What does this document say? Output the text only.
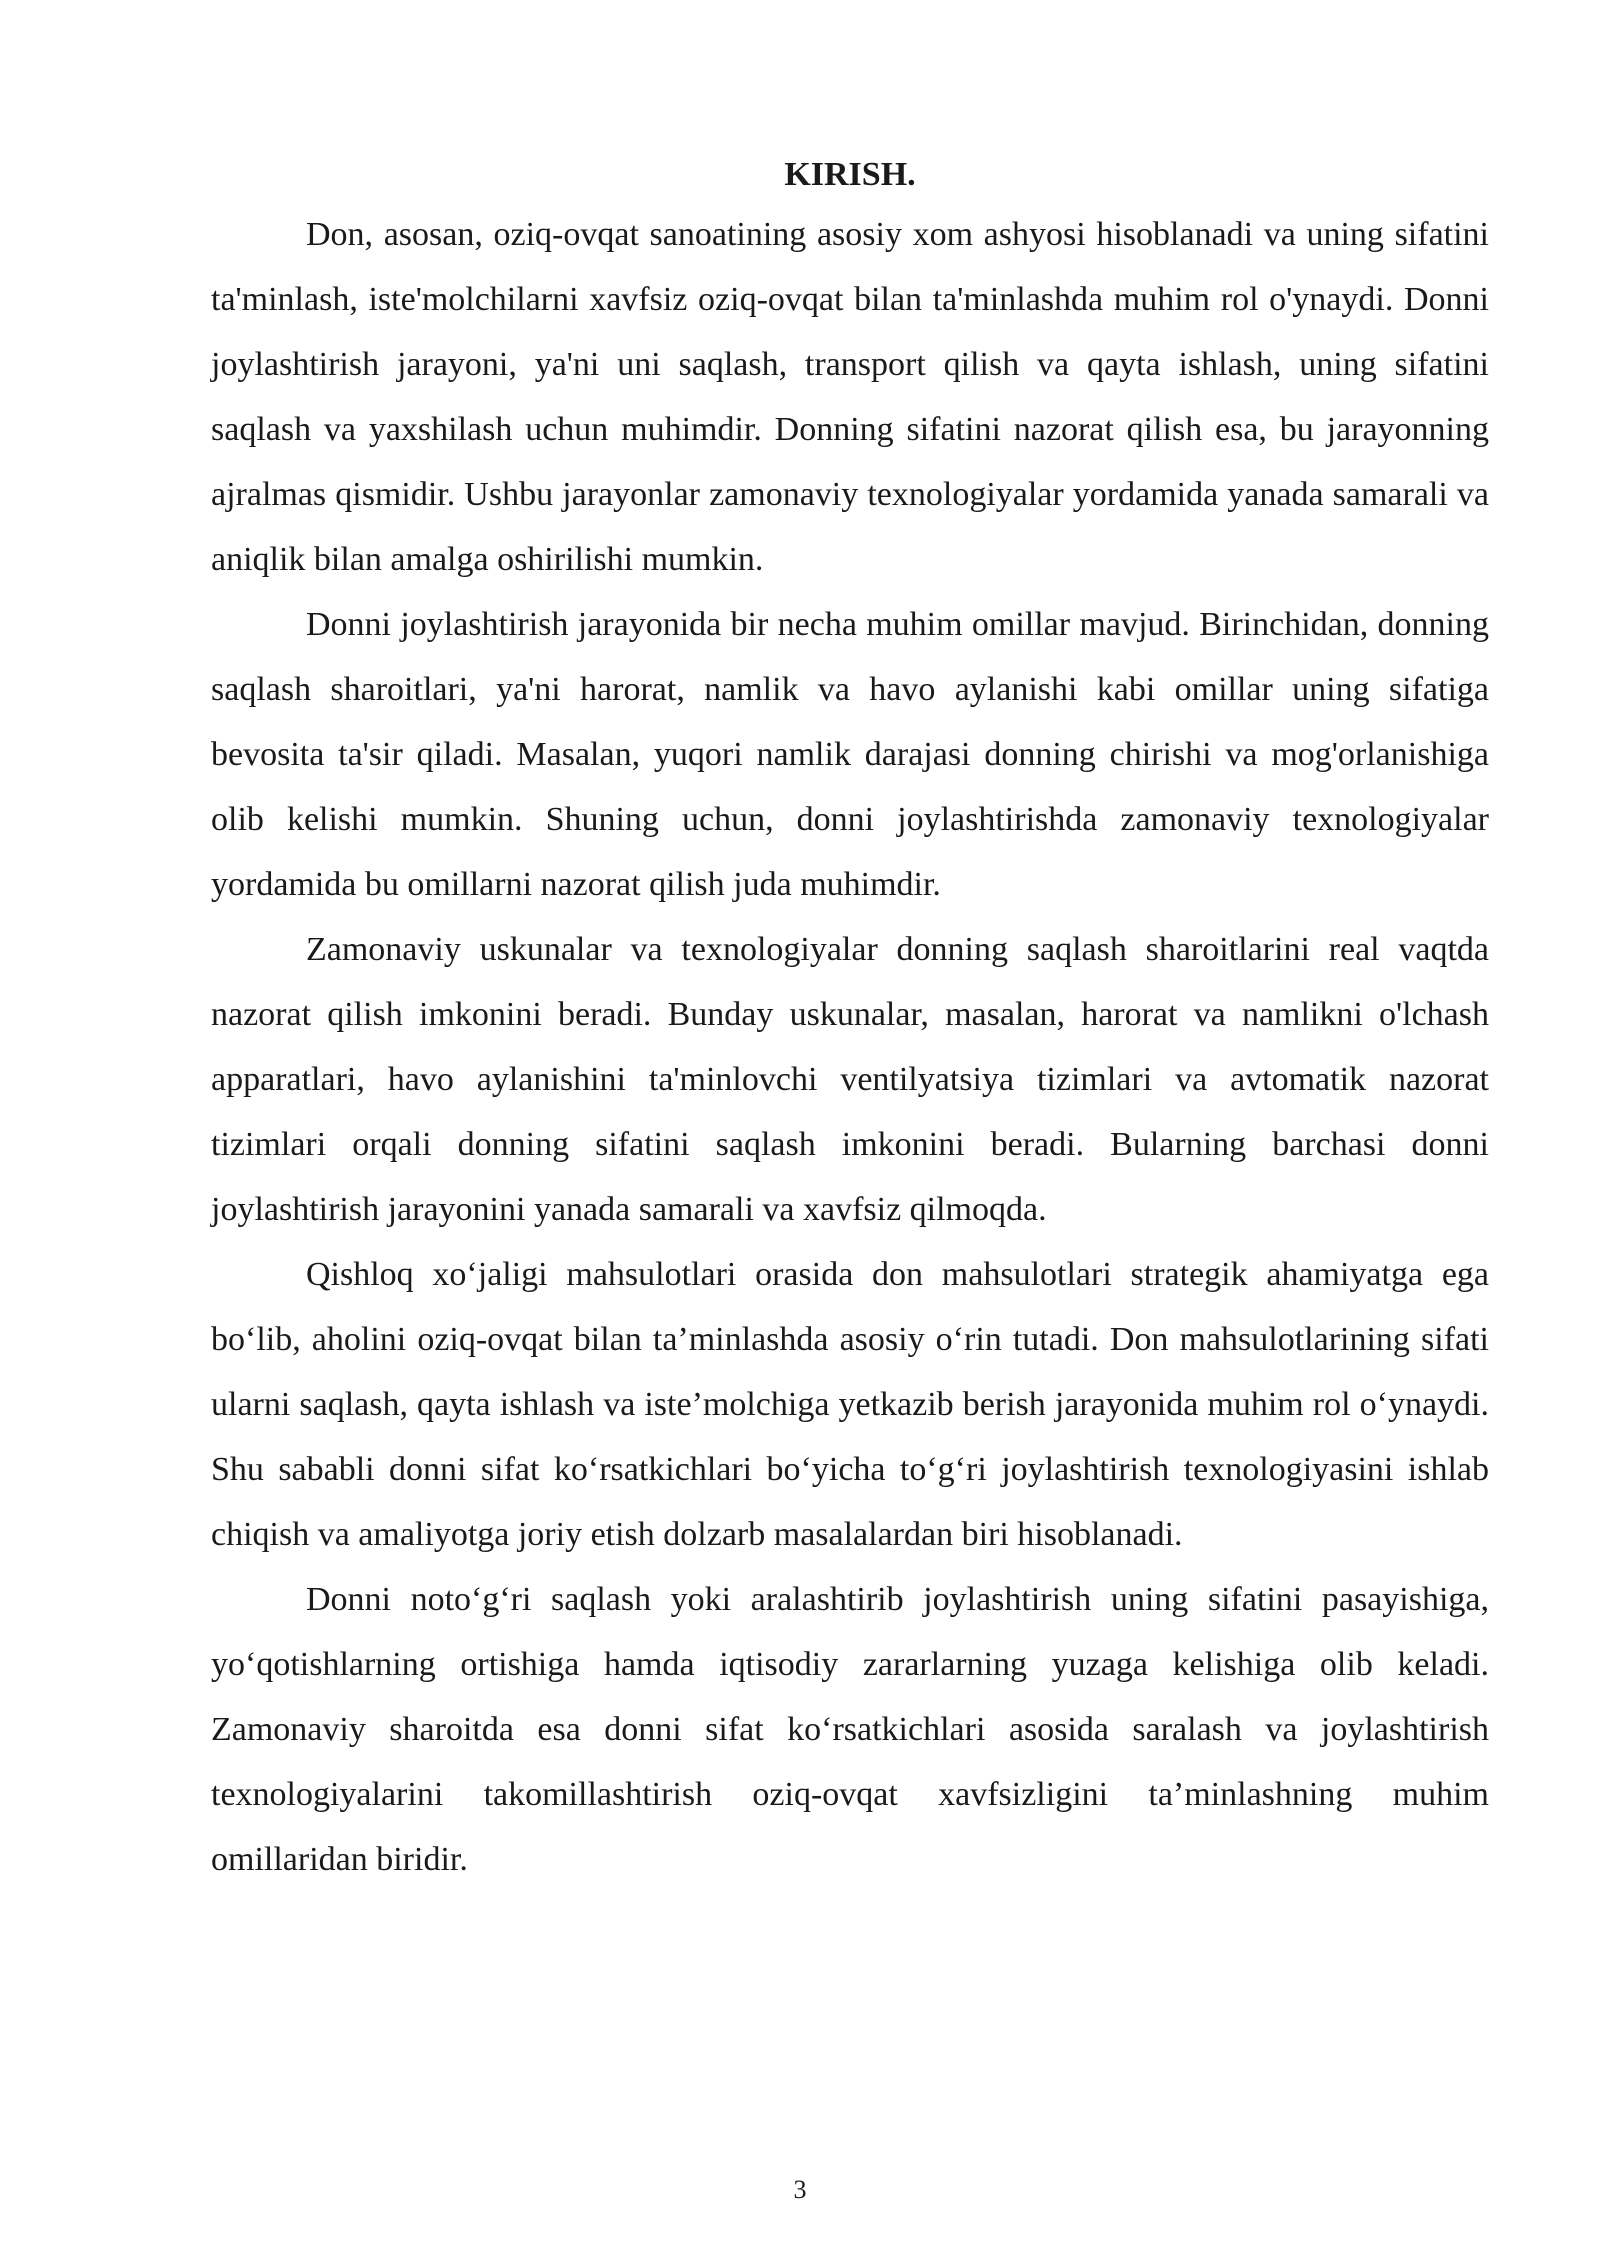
KIRISH.

Don, asosan, oziq-ovqat sanoatining asosiy xom ashyosi hisoblanadi va uning sifatini ta'minlash, iste'molchilarni xavfsiz oziq-ovqat bilan ta'minlashda muhim rol o'ynaydi. Donni joylashtirish jarayoni, ya'ni uni saqlash, transport qilish va qayta ishlash, uning sifatini saqlash va yaxshilash uchun muhimdir. Donning sifatini nazorat qilish esa, bu jarayonning ajralmas qismidir. Ushbu jarayonlar zamonaviy texnologiyalar yordamida yanada samarali va aniqlik bilan amalga oshirilishi mumkin.

Donni joylashtirish jarayonida bir necha muhim omillar mavjud. Birinchidan, donning saqlash sharoitlari, ya'ni harorat, namlik va havo aylanishi kabi omillar uning sifatiga bevosita ta'sir qiladi. Masalan, yuqori namlik darajasi donning chirishi va mog'orlanishiga olib kelishi mumkin. Shuning uchun, donni joylashtirishda zamonaviy texnologiyalar yordamida bu omillarni nazorat qilish juda muhimdir.

Zamonaviy uskunalar va texnologiyalar donning saqlash sharoitlarini real vaqtda nazorat qilish imkonini beradi. Bunday uskunalar, masalan, harorat va namlikni o'lchash apparatlari, havo aylanishini ta'minlovchi ventilyatsiya tizimlari va avtomatik nazorat tizimlari orqali donning sifatini saqlash imkonini beradi. Bularning barchasi donni joylashtirish jarayonini yanada samarali va xavfsiz qilmoqda.

Qishloq xo‘jaligi mahsulotlari orasida don mahsulotlari strategik ahamiyatga ega bo‘lib, aholini oziq-ovqat bilan ta’minlashda asosiy o‘rin tutadi. Don mahsulotlarining sifati ularni saqlash, qayta ishlash va iste’molchiga yetkazib berish jarayonida muhim rol o‘ynaydi. Shu sababli donni sifat ko‘rsatkichlari bo‘yicha to‘g‘ri joylashtirish texnologiyasini ishlab chiqish va amaliyotga joriy etish dolzarb masalalardan biri hisoblanadi.

Donni noto‘g‘ri saqlash yoki aralashtirib joylashtirish uning sifatini pasayishiga, yo‘qotishlarning ortishiga hamda iqtisodiy zararlarning yuzaga kelishiga olib keladi. Zamonaviy sharoitda esa donni sifat ko‘rsatkichlari asosida saralash va joylashtirish texnologiyalarini takomillashtirish oziq-ovqat xavfsizligini ta’minlashning muhim omillaridan biridir.

3
